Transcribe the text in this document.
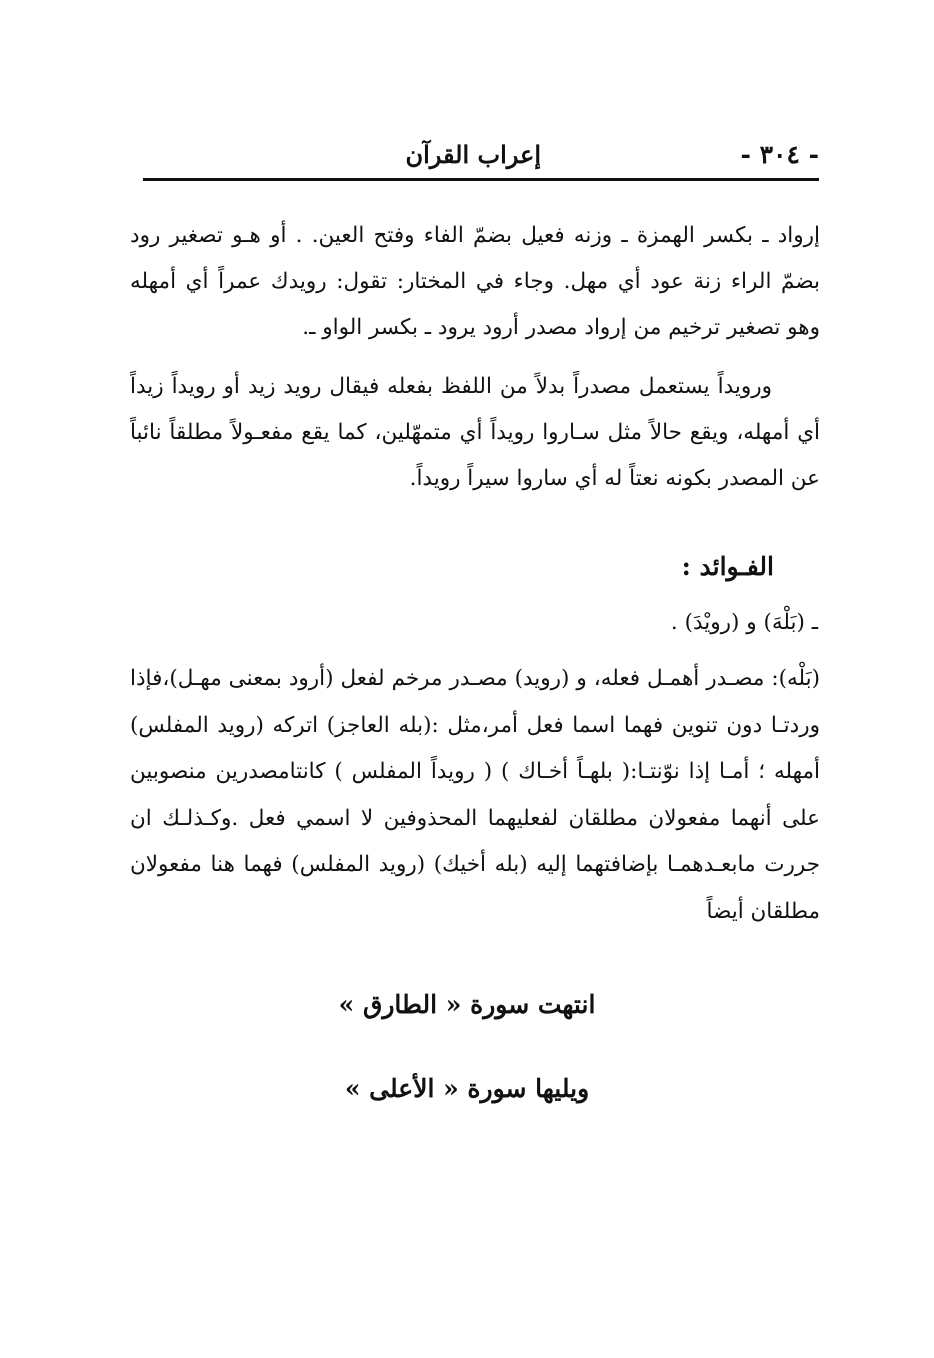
- ٣٠٤ -
إعراب القرآن

إرواد ـ بكسر الهمزة ـ وزنه فعيل بضمّ الفاء وفتح العين. . أو هـو تصغير رود بضمّ الراء زنة عود أي مهل. وجاء في المختار: تقول: رويدك عمراً أي أمهله وهو تصغير ترخيم من إرواد مصدر أرود يرود ـ بكسر الواو ـ.

ورويداً يستعمل مصدراً بدلاً من اللفظ بفعله فيقال رويد زيد أو رويداً زيداً أي أمهله، ويقع حالاً مثل سـاروا رويداً أي متمهّلين، كما يقع مفعـولاً مطلقاً نائباً عن المصدر بكونه نعتاً له أي ساروا سيراً رويداً.

الفـوائد :
ـ (بَلْهَ) و (رويْدَ) .

(بَلْه): مصـدر أهمـل فعله، و (رويد) مصـدر مرخم لفعل (أرود بمعنى مهـل)،فإذا وردتـا دون تنوين فهما اسما فعل أمر،مثل :(بله العاجز) اتركه (رويد المفلس) أمهله ؛ أمـا إذا نوّنتـا:( بلهـاً أخـاك ) ( رويداً المفلس ) كانتامصدرين منصوبين على أنهما مفعولان مطلقان لفعليهما المحذوفين لا اسمي فعل .وكـذلـك ان جررت مابعـدهمـا بإضافتهما إليه (بله أخيك) (رويد المفلس) فهما هنا مفعولان مطلقان أيضاً

انتهت سورة « الطارق »
ويليها سورة « الأعلى »
